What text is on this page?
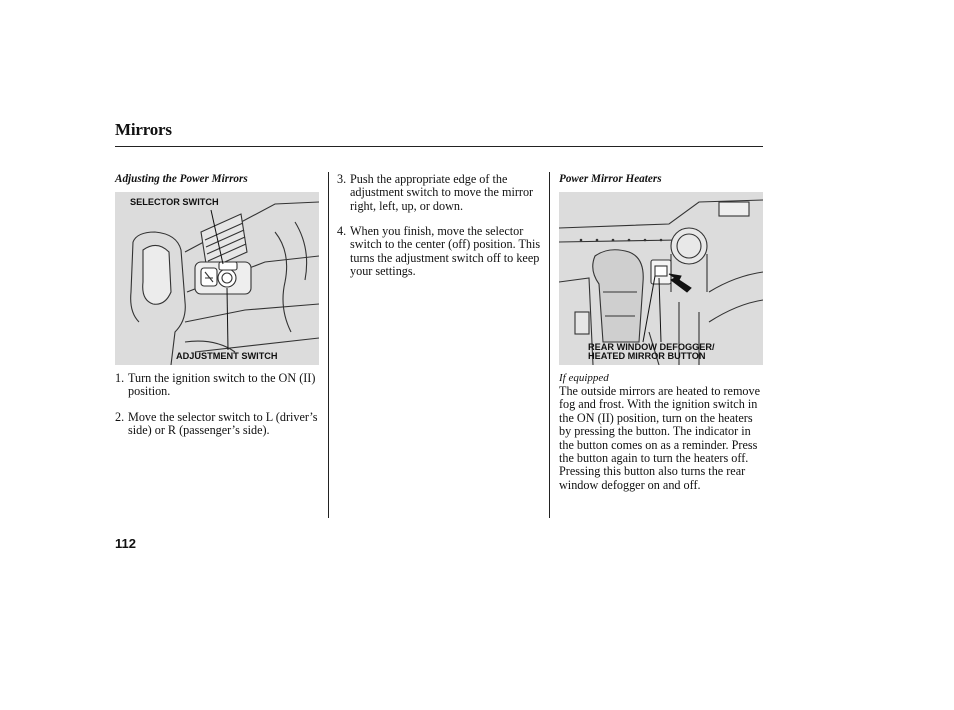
Mirrors
Adjusting the Power Mirrors
SELECTOR SWITCH
ADJUSTMENT SWITCH
1. Turn the ignition switch to the ON (II) position.
2. Move the selector switch to L (driver’s side) or R (passenger’s side).
3. Push the appropriate edge of the adjustment switch to move the mirror right, left, up, or down.
4. When you finish, move the selector switch to the center (off) position. This turns the adjustment switch off to keep your settings.
Power Mirror Heaters
REAR WINDOW DEFOGGER/
HEATED MIRROR BUTTON
If equipped

The outside mirrors are heated to remove fog and frost. With the ignition switch in the ON (II) position, turn on the heaters by pressing the button. The indicator in the button comes on as a reminder. Press the button again to turn the heaters off. Pressing this button also turns the rear window defogger on and off.

112
